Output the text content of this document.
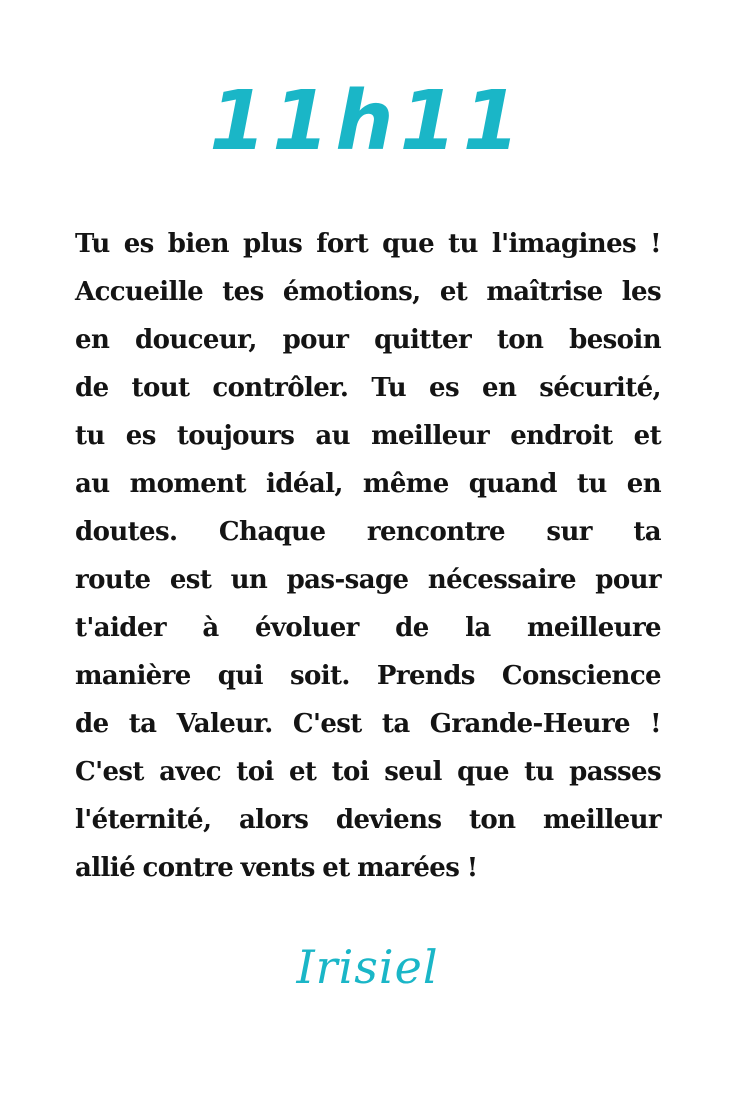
11h11
Tu es bien plus fort que tu l'imagines !
Accueille tes émotions, et maîtrise les
en douceur, pour quitter ton besoin
de tout contrôler. Tu es en sécurité,
tu es toujours au meilleur endroit et
au moment idéal, même quand tu en
doutes. Chaque rencontre sur ta
route est un pas-sage nécessaire pour
t'aider à évoluer de la meilleure
manière qui soit. Prends Conscience
de ta Valeur. C'est ta Grande-Heure !
C'est avec toi et toi seul que tu passes
l'éternité, alors deviens ton meilleur
allié contre vents et marées !
Irisiel
